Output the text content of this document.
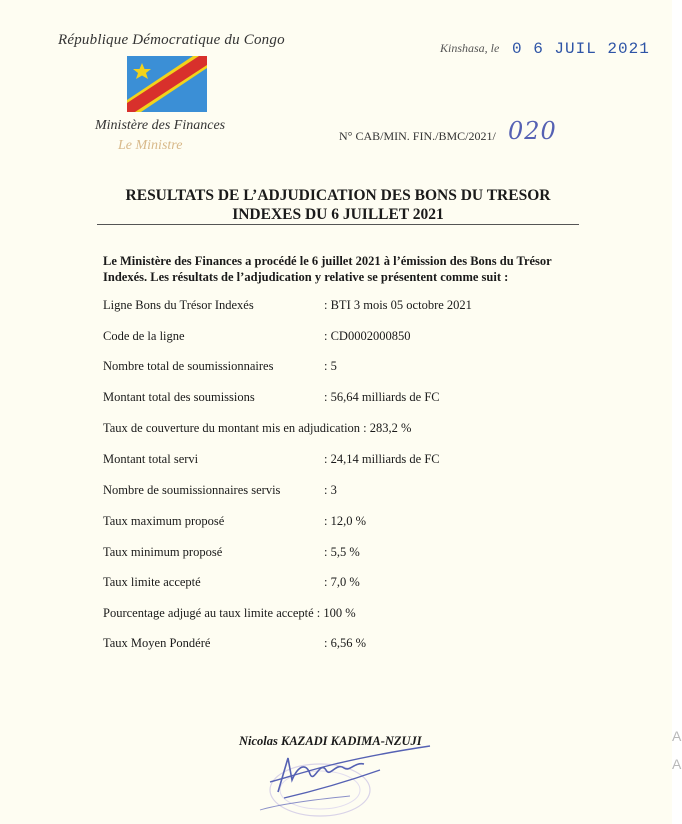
République Démocratique du Congo
Ministère des Finances
Le Ministre
Kinshasa, le 0 6 JUIL 2021
N° CAB/MIN. FIN./BMC/2021/ 020
RESULTATS DE L’ADJUDICATION DES BONS DU TRESOR INDEXES DU 6 JUILLET 2021
Le Ministère des Finances a procédé le 6 juillet 2021 à l’émission des Bons du Trésor Indexés. Les résultats de l’adjudication y relative se présentent comme suit :
Ligne Bons du Trésor Indexés	: BTI 3 mois 05 octobre 2021
Code de la ligne	: CD0002000850
Nombre total de soumissionnaires	: 5
Montant total des soumissions	: 56,64 milliards de FC
Taux de couverture du montant mis en adjudication : 283,2 %
Montant total servi	: 24,14 milliards de FC
Nombre de soumissionnaires servis	: 3
Taux maximum proposé	: 12,0 %
Taux minimum proposé	: 5,5 %
Taux limite accepté	: 7,0 %
Pourcentage adjugé au taux limite accepté : 100 %
Taux Moyen Pondéré	: 6,56 %
Nicolas KAZADI KADIMA-NZUJI	A
A
